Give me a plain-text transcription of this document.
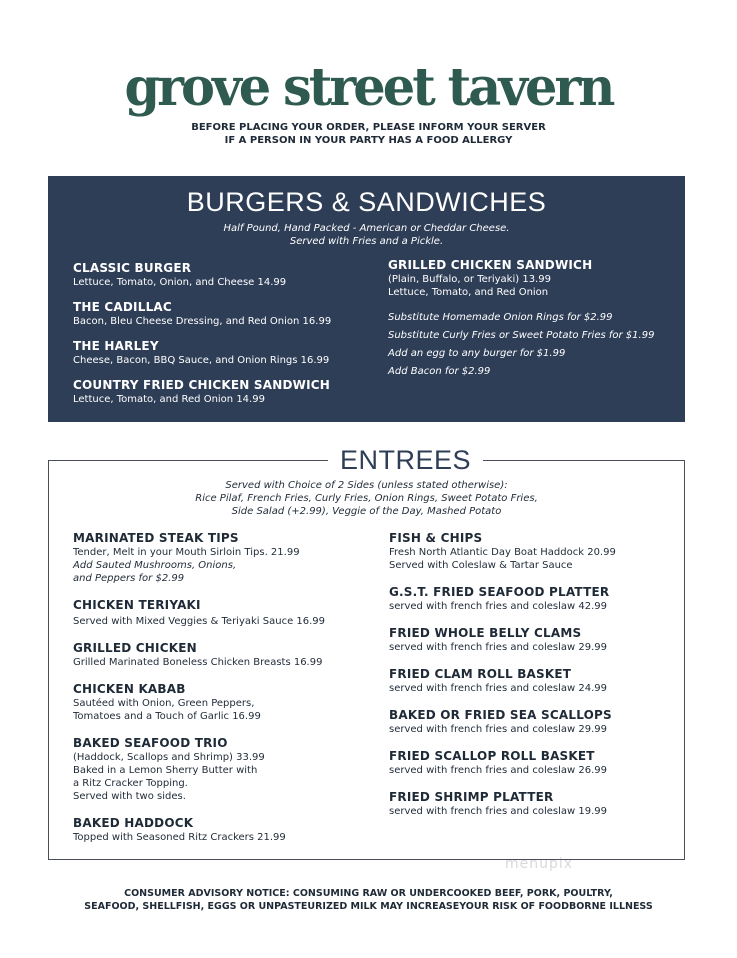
grove street tavern
BEFORE PLACING YOUR ORDER, PLEASE INFORM YOUR SERVER
IF A PERSON IN YOUR PARTY HAS A FOOD ALLERGY
BURGERS & SANDWICHES
Half Pound, Hand Packed - American or Cheddar Cheese.
Served with Fries and a Pickle.
CLASSIC BURGER
Lettuce, Tomato, Onion, and Cheese 14.99
THE CADILLAC
Bacon, Bleu Cheese Dressing, and Red Onion 16.99
THE HARLEY
Cheese, Bacon, BBQ Sauce, and Onion Rings 16.99
COUNTRY FRIED CHICKEN SANDWICH
Lettuce, Tomato, and Red Onion 14.99
GRILLED CHICKEN SANDWICH
(Plain, Buffalo, or Teriyaki) 13.99
Lettuce, Tomato, and Red Onion
Substitute Homemade Onion Rings for $2.99
Substitute Curly Fries or Sweet Potato Fries for $1.99
Add an egg to any burger for $1.99
Add Bacon for $2.99
ENTREES
Served with Choice of 2 Sides (unless stated otherwise):
Rice Pilaf, French Fries, Curly Fries, Onion Rings, Sweet Potato Fries,
Side Salad (+2.99), Veggie of the Day, Mashed Potato
MARINATED STEAK TIPS
Tender, Melt in your Mouth Sirloin Tips. 21.99
Add Sauted Mushrooms, Onions,
and Peppers for $2.99
CHICKEN TERIYAKI
Served with Mixed Veggies & Teriyaki Sauce 16.99
GRILLED CHICKEN
Grilled Marinated Boneless Chicken Breasts 16.99
CHICKEN KABAB
Sautéed with Onion, Green Peppers,
Tomatoes and a Touch of Garlic 16.99
BAKED SEAFOOD TRIO
(Haddock, Scallops and Shrimp) 33.99
Baked in a Lemon Sherry Butter with
a Ritz Cracker Topping.
Served with two sides.
BAKED HADDOCK
Topped with Seasoned Ritz Crackers 21.99
FISH & CHIPS
Fresh North Atlantic Day Boat Haddock 20.99
Served with Coleslaw & Tartar Sauce
G.S.T. FRIED SEAFOOD PLATTER
served with french fries and coleslaw 42.99
FRIED WHOLE BELLY CLAMS
served with french fries and coleslaw 29.99
FRIED CLAM ROLL BASKET
served with french fries and coleslaw 24.99
BAKED OR FRIED SEA SCALLOPS
served with french fries and coleslaw 29.99
FRIED SCALLOP ROLL BASKET
served with french fries and coleslaw 26.99
FRIED SHRIMP PLATTER
served with french fries and coleslaw 19.99
menupix
CONSUMER ADVISORY NOTICE: CONSUMING RAW OR UNDERCOOKED BEEF, PORK, POULTRY,
SEAFOOD, SHELLFISH, EGGS OR UNPASTEURIZED MILK MAY INCREASEYOUR RISK OF FOODBORNE ILLNESS
